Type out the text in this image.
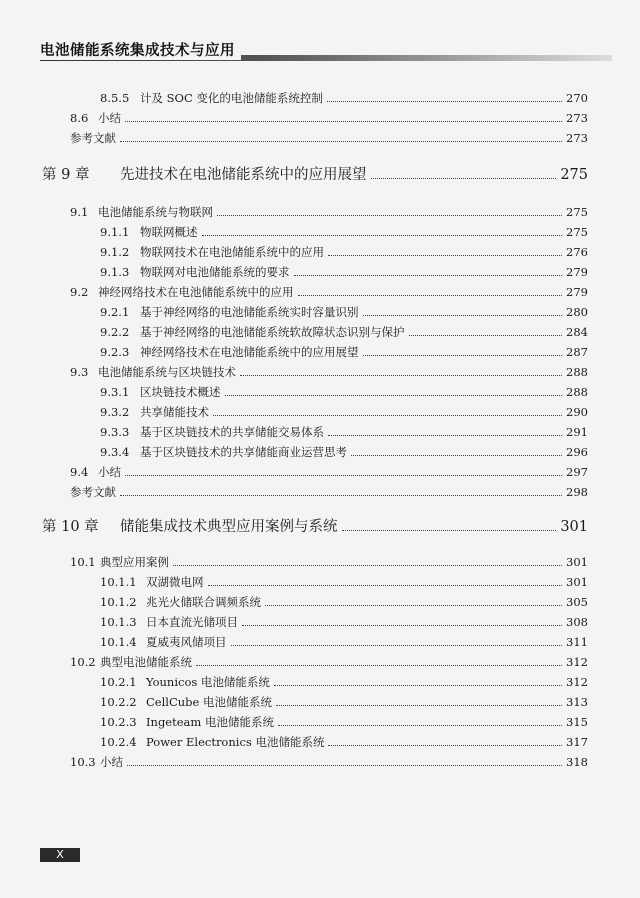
电池储能系统集成技术与应用
8.5.5 计及 SOC 变化的电池储能系统控制	270
8.6 小结	273
参考文献	273
第 9 章	先进技术在电池储能系统中的应用展望	275
9.1 电池储能系统与物联网	275
9.1.1 物联网概述	275
9.1.2 物联网技术在电池储能系统中的应用	276
9.1.3 物联网对电池储能系统的要求	279
9.2 神经网络技术在电池储能系统中的应用	279
9.2.1 基于神经网络的电池储能系统实时容量识别	280
9.2.2 基于神经网络的电池储能系统软故障状态识别与保护	284
9.2.3 神经网络技术在电池储能系统中的应用展望	287
9.3 电池储能系统与区块链技术	288
9.3.1 区块链技术概述	288
9.3.2 共享储能技术	290
9.3.3 基于区块链技术的共享储能交易体系	291
9.3.4 基于区块链技术的共享储能商业运营思考	296
9.4 小结	297
参考文献	298
第 10 章	储能集成技术典型应用案例与系统	301
10.1 典型应用案例	301
10.1.1 双湖微电网	301
10.1.2 兆光火储联合调频系统	305
10.1.3 日本直流光储项目	308
10.1.4 夏威夷风储项目	311
10.2 典型电池储能系统	312
10.2.1 Younicos 电池储能系统	312
10.2.2 CellCube 电池储能系统	313
10.2.3 Ingeteam 电池储能系统	315
10.2.4 Power Electronics 电池储能系统	317
10.3 小结	318
X
